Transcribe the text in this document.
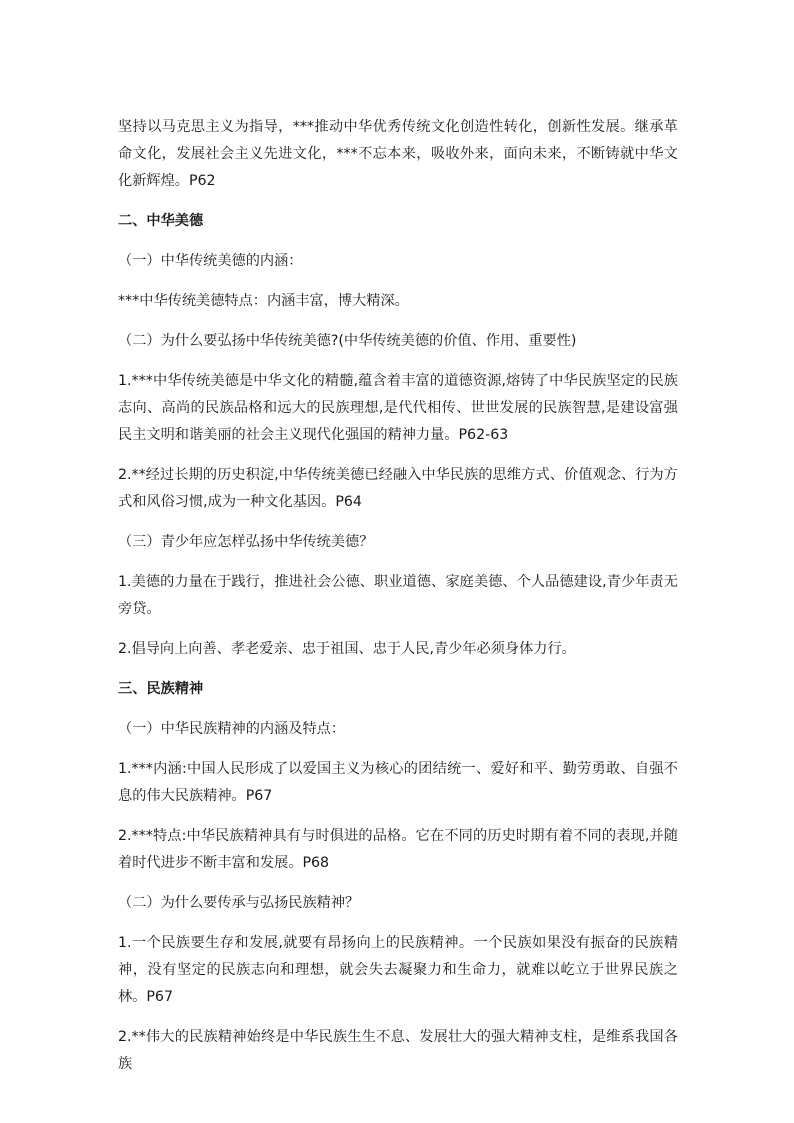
坚持以马克思主义为指导，***推动中华优秀传统文化创造性转化，创新性发展。继承革命文化，发展社会主义先进文化，***不忘本来，吸收外来，面向未来，不断铸就中华文化新辉煌。P62

二、中华美德

（一）中华传统美德的内涵：

***中华传统美德特点：内涵丰富，博大精深。

（二）为什么要弘扬中华传统美德?(中华传统美德的价值、作用、重要性)

1.***中华传统美德是中华文化的精髓,蕴含着丰富的道德资源,熔铸了中华民族坚定的民族志向、高尚的民族品格和远大的民族理想,是代代相传、世世发展的民族智慧,是建设富强民主文明和谐美丽的社会主义现代化强国的精神力量。P62-63

2.**经过长期的历史积淀,中华传统美德已经融入中华民族的思维方式、价值观念、行为方式和风俗习惯,成为一种文化基因。P64

（三）青少年应怎样弘扬中华传统美德？

1.美德的力量在于践行，推进社会公德、职业道德、家庭美德、个人品德建设,青少年责无旁贷。

2.倡导向上向善、孝老爱亲、忠于祖国、忠于人民,青少年必须身体力行。

三、民族精神

（一）中华民族精神的内涵及特点：

1.***内涵:中国人民形成了以爱国主义为核心的团结统一、爱好和平、勤劳勇敢、自强不息的伟大民族精神。P67

2.***特点:中华民族精神具有与时俱进的品格。它在不同的历史时期有着不同的表现,并随着时代进步不断丰富和发展。P68

（二）为什么要传承与弘扬民族精神？

1.一个民族要生存和发展,就要有昂扬向上的民族精神。一个民族如果没有振奋的民族精神，没有坚定的民族志向和理想，就会失去凝聚力和生命力，就难以屹立于世界民族之林。P67

2.**伟大的民族精神始终是中华民族生生不息、发展壮大的强大精神支柱，是维系我国各族
